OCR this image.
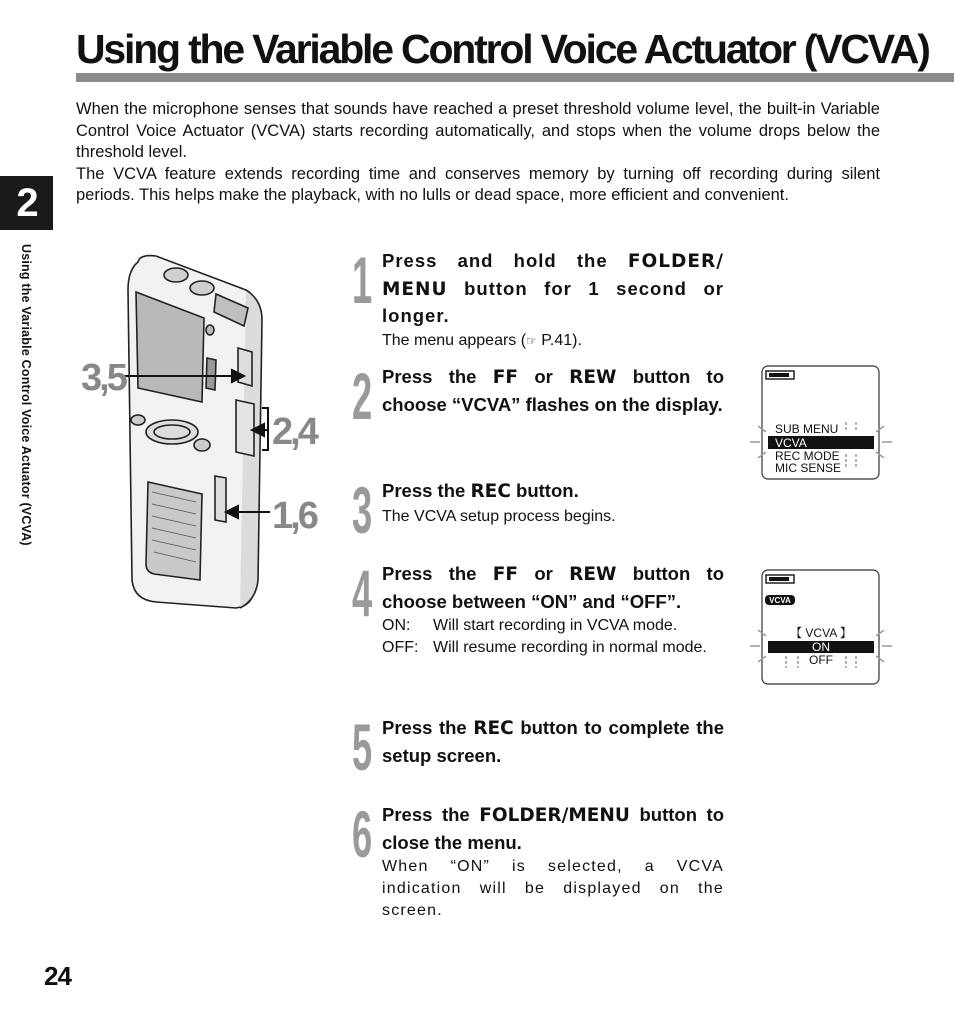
Using the Variable Control Voice Actuator (VCVA)
2
Using the Variable Control Voice Actuator (VCVA)

When the microphone senses that sounds have reached a preset threshold volume level, the built-in Variable Control Voice Actuator (VCVA) starts recording automatically, and stops when the volume drops below the threshold level.

The VCVA feature extends recording time and conserves memory by turning off recording during silent periods. This helps make the playback, with no lulls or dead space, more efficient and convenient.

3,5
2,4
1,6
1 Press and hold the FOLDER/ MENU button for 1 second or longer.

The menu appears (☞ P.41).

2 Press the FF or REW button to choose “VCVA” flashes on the display.

3 Press the REC button.

The VCVA setup process begins.

4 Press the FF or REW button to choose between “ON” and “OFF”.

ON:	Will start recording in VCVA mode.
OFF: Will resume recording in normal mode.
5 Press the REC button to complete the setup screen.

6 Press the FOLDER/MENU button to close the menu.

When “ON” is selected, a VCVA indication will be displayed on the screen.

SUB MENU
VCVA
REC MODE
MIC SENSE
VCVA
【 VCVA 】
ON
OFF
24
